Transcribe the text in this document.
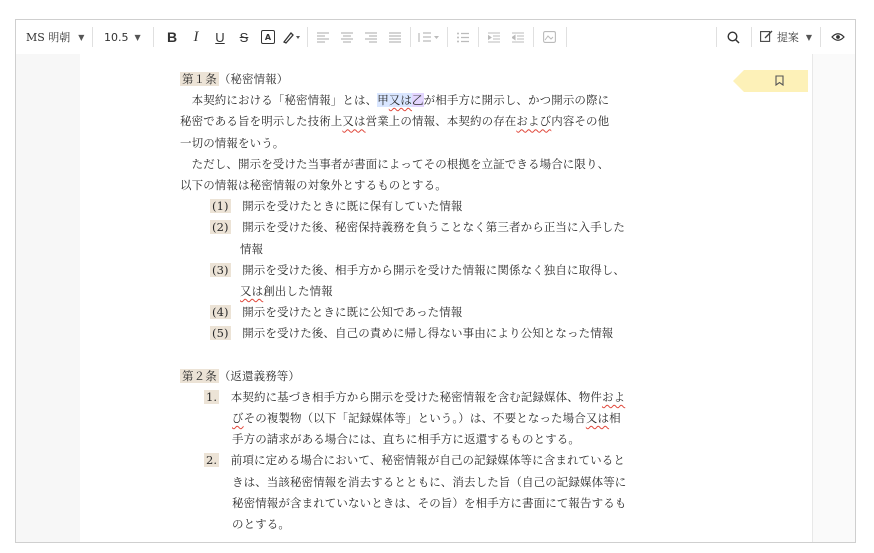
MS 明朝 ▼ 10.5 ▼	B	I	U	S	A	提案 ▼
第１条 （秘密情報）
　本契約における「秘密情報」とは、甲又は乙が相手方に開示し、かつ開示の際に
秘密である旨を明示した技術上又は営業上の情報、本契約の存在および内容その他
一切の情報をいう。
　ただし、開示を受けた当事者が書面によってその根拠を立証できる場合に限り、
以下の情報は秘密情報の対象外とするものとする。
(1)　開示を受けたときに既に保有していた情報
(2)　開示を受けた後、秘密保持義務を負うことなく第三者から正当に入手した
情報
(3)　開示を受けた後、相手方から開示を受けた情報に関係なく独自に取得し、
又は創出した情報
(4)　開示を受けたときに既に公知であった情報
(5)　開示を受けた後、自己の責めに帰し得ない事由により公知となった情報
第２条 （返還義務等）
1.　本契約に基づき相手方から開示を受けた秘密情報を含む記録媒体、物件およ
びその複製物（以下「記録媒体等」という。）は、不要となった場合又は相
手方の請求がある場合には、直ちに相手方に返還するものとする。
2.　前項に定める場合において、秘密情報が自己の記録媒体等に含まれていると
きは、当該秘密情報を消去するとともに、消去した旨（自己の記録媒体等に
秘密情報が含まれていないときは、その旨）を相手方に書面にて報告するも
のとする。
